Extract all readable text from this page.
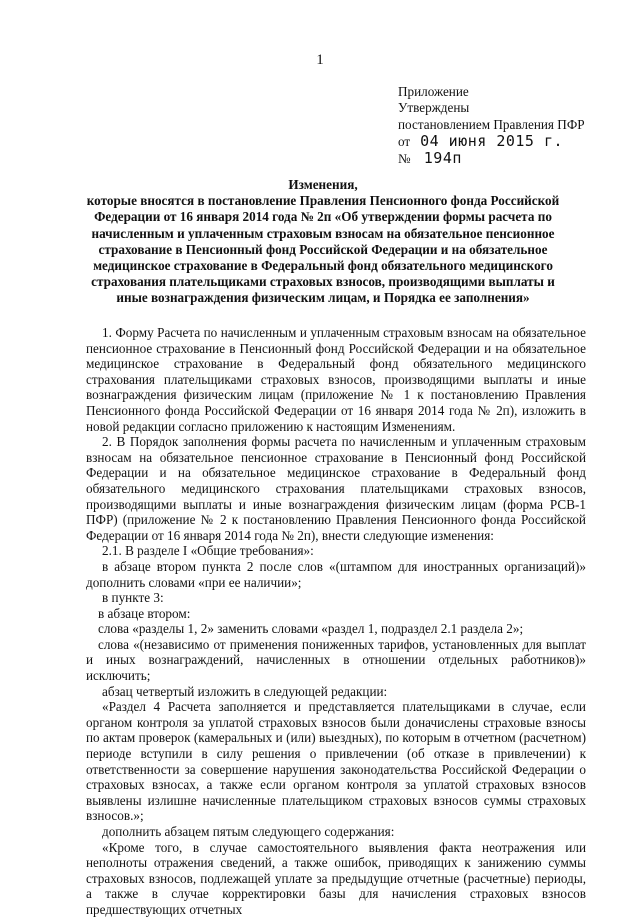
1
Приложение
Утверждены
постановлением Правления ПФР
от 04 июня 2015 г.
№ 194п
Изменения,
которые вносятся в постановление Правления Пенсионного фонда Российской Федерации от 16 января 2014 года № 2п «Об утверждении формы расчета по начисленным и уплаченным страховым взносам на обязательное пенсионное страхование в Пенсионный фонд Российской Федерации и на обязательное медицинское страхование в Федеральный фонд обязательного медицинского страхования плательщиками страховых взносов, производящими выплаты и иные вознаграждения физическим лицам, и Порядка ее заполнения»

1. Форму Расчета по начисленным и уплаченным страховым взносам на обязательное пенсионное страхование в Пенсионный фонд Российской Федерации и на обязательное медицинское страхование в Федеральный фонд обязательного медицинского страхования плательщиками страховых взносов, производящими выплаты и иные вознаграждения физическим лицам (приложение № 1 к постановлению Правления Пенсионного фонда Российской Федерации от 16 января 2014 года № 2п), изложить в новой редакции согласно приложению к настоящим Изменениям.

2. В Порядок заполнения формы расчета по начисленным и уплаченным страховым взносам на обязательное пенсионное страхование в Пенсионный фонд Российской Федерации и на обязательное медицинское страхование в Федеральный фонд обязательного медицинского страхования плательщиками страховых взносов, производящими выплаты и иные вознаграждения физическим лицам (форма РСВ-1 ПФР) (приложение № 2 к постановлению Правления Пенсионного фонда Российской Федерации от 16 января 2014 года № 2п), внести следующие изменения:

2.1. В разделе I «Общие требования»:

в абзаце втором пункта 2 после слов «(штампом для иностранных организаций)» дополнить словами «при ее наличии»;

в пункте 3:

в абзаце втором:

слова «разделы 1, 2» заменить словами «раздел 1, подраздел 2.1 раздела 2»;

слова «(независимо от применения пониженных тарифов, установленных для выплат и иных вознаграждений, начисленных в отношении отдельных работников)» исключить;

абзац четвертый изложить в следующей редакции:

«Раздел 4 Расчета заполняется и представляется плательщиками в случае, если органом контроля за уплатой страховых взносов были доначислены страховые взносы по актам проверок (камеральных и (или) выездных), по которым в отчетном (расчетном) периоде вступили в силу решения о привлечении (об отказе в привлечении) к ответственности за совершение нарушения законодательства Российской Федерации о страховых взносах, а также если органом контроля за уплатой страховых взносов выявлены излишне начисленные плательщиком страховых взносов суммы страховых взносов.»;

дополнить абзацем пятым следующего содержания:

«Кроме того, в случае самостоятельного выявления факта неотражения или неполноты отражения сведений, а также ошибок, приводящих к занижению суммы страховых взносов, подлежащей уплате за предыдущие отчетные (расчетные) периоды, а также в случае корректировки базы для начисления страховых взносов предшествующих отчетных
